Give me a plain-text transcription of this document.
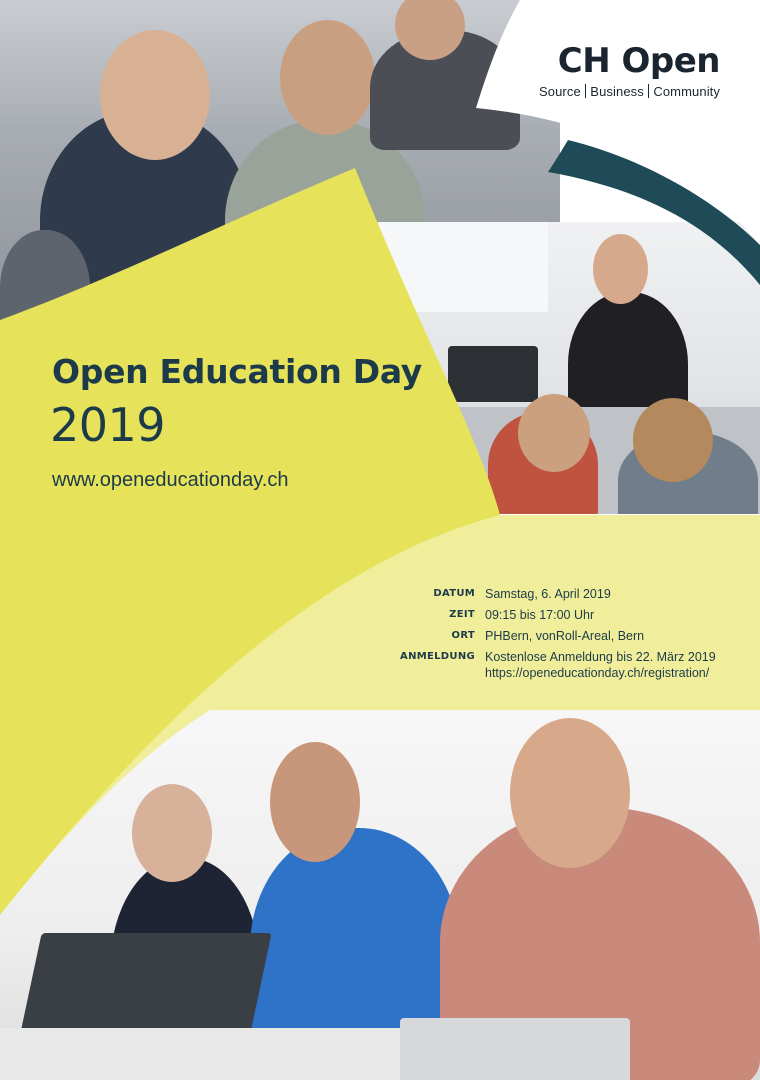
CH Open
Source Business Community
Open Education Day
2019
www.openeducationday.ch
DATUM Samstag, 6. April 2019
ZEIT 09:15 bis 17:00 Uhr
ORT PHBern, vonRoll-Areal, Bern
ANMELDUNG Kostenlose Anmeldung bis 22. März 2019
https://openeducationday.ch/registration/
